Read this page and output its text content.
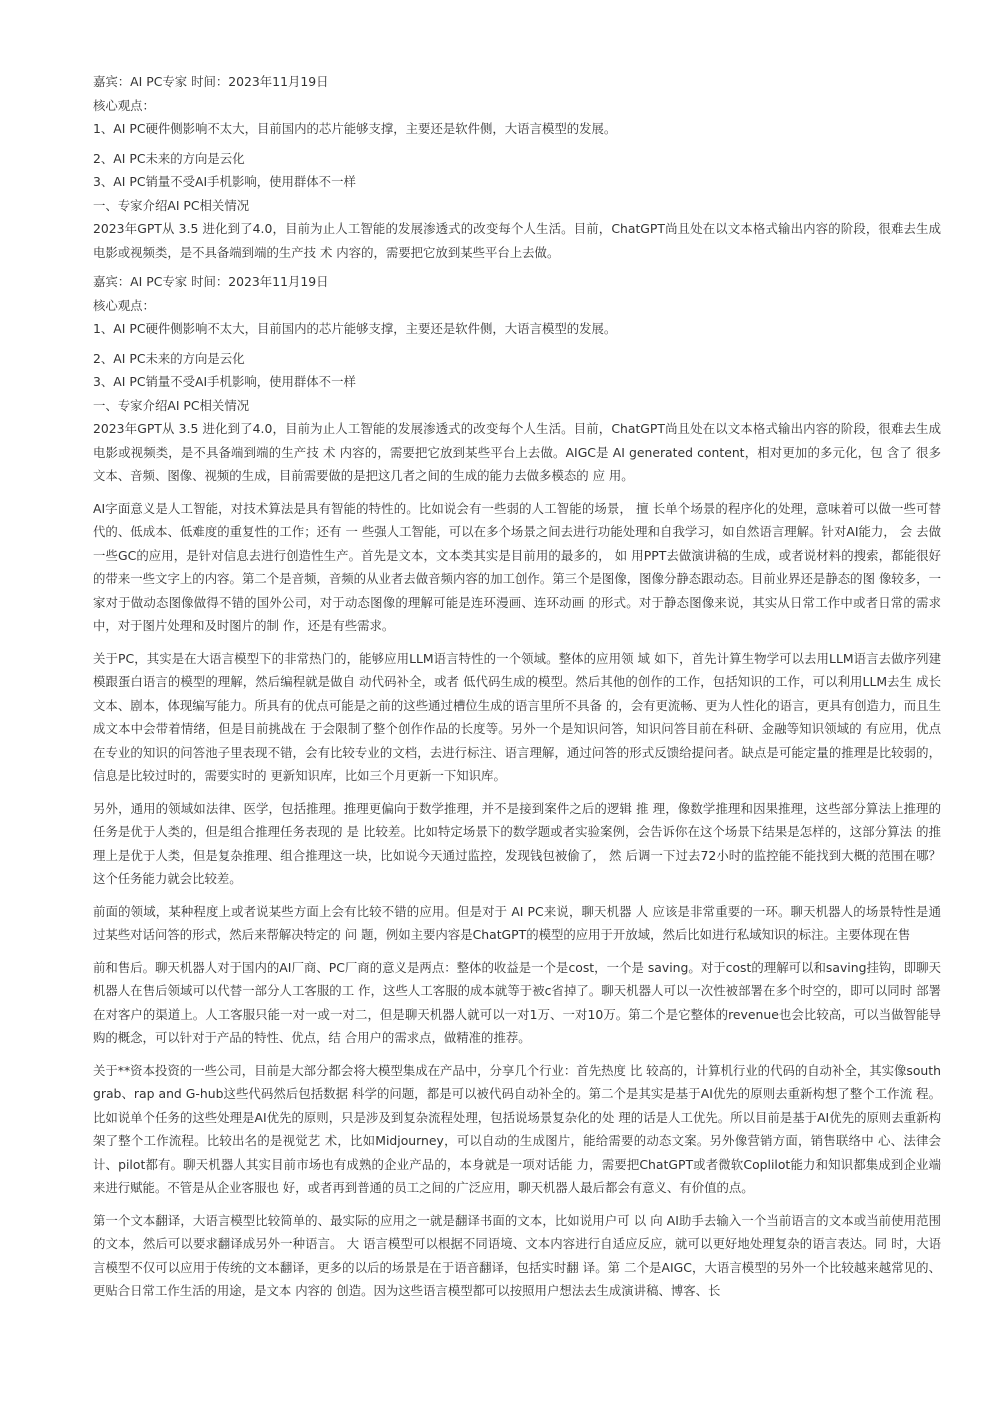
嘉宾：AI PC专家 时间：2023年11月19日

核心观点：

1、AI PC硬件侧影响不太大，目前国内的芯片能够支撑，主要还是软件侧，大语言模型的发展。

2、AI PC未来的方向是云化

3、AI PC销量不受AI手机影响，使用群体不一样

一、专家介绍AI PC相关情况

2023年GPT从 3.5 进化到了4.0，目前为止人工智能的发展渗透式的改变每个人生活。目前，ChatGPT尚且处在以文本格式输出内容的阶段，很难去生成电影或视频类，是不具备端到端的生产技 术 内容的，需要把它放到某些平台上去做。

嘉宾：AI PC专家 时间：2023年11月19日

核心观点：

1、AI PC硬件侧影响不太大，目前国内的芯片能够支撑，主要还是软件侧，大语言模型的发展。

2、AI PC未来的方向是云化

3、AI PC销量不受AI手机影响，使用群体不一样

一、专家介绍AI PC相关情况

2023年GPT从 3.5 进化到了4.0，目前为止人工智能的发展渗透式的改变每个人生活。目前，ChatGPT尚且处在以文本格式输出内容的阶段，很难去生成电影或视频类，是不具备端到端的生产技 术 内容的，需要把它放到某些平台上去做。AIGC是 AI generated content，相对更加的多元化，包 含了 很多文本、音频、图像、视频的生成，目前需要做的是把这几者之间的生成的能力去做多模态的 应 用。

AI字面意义是人工智能，对技术算法是具有智能的特性的。比如说会有一些弱的人工智能的场景， 擅 长单个场景的程序化的处理，意味着可以做一些可替代的、低成本、低难度的重复性的工作；还有 一 些强人工智能，可以在多个场景之间去进行功能处理和自我学习，如自然语言理解。针对AI能力， 会 去做一些GC的应用，是针对信息去进行创造性生产。首先是文本，文本类其实是目前用的最多的， 如 用PPT去做演讲稿的生成，或者说材料的搜索，都能很好的带来一些文字上的内容。第二个是音频，音频的从业者去做音频内容的加工创作。第三个是图像，图像分静态跟动态。目前业界还是静态的图 像较多，一家对于做动态图像做得不错的国外公司，对于动态图像的理解可能是连环漫画、连环动画 的形式。对于静态图像来说，其实从日常工作中或者日常的需求中，对于图片处理和及时图片的制 作，还是有些需求。

关于PC，其实是在大语言模型下的非常热门的，能够应用LLM语言特性的一个领域。整体的应用领 域 如下，首先计算生物学可以去用LLM语言去做序列建模跟蛋白语言的模型的理解，然后编程就是做自 动代码补全，或者 低代码生成的模型。然后其他的创作的工作，包括知识的工作，可以利用LLM去生 成长文本、剧本，体现编写能力。所具有的优点可能是之前的这些通过槽位生成的语言里所不具备 的，会有更流畅、更为人性化的语言，更具有创造力，而且生成文本中会带着情绪，但是目前挑战在 于会限制了整个创作作品的长度等。另外一个是知识问答，知识问答目前在科研、金融等知识领域的 有应用，优点在专业的知识的问答池子里表现不错，会有比较专业的文档，去进行标注、语言理解，通过问答的形式反馈给提问者。缺点是可能定量的推理是比较弱的，信息是比较过时的，需要实时的 更新知识库，比如三个月更新一下知识库。

另外，通用的领域如法律、医学，包括推理。推理更偏向于数学推理，并不是接到案件之后的逻辑 推 理，像数学推理和因果推理，这些部分算法上推理的任务是优于人类的，但是组合推理任务表现的 是 比较差。比如特定场景下的数学题或者实验案例，会告诉你在这个场景下结果是怎样的，这部分算法 的推理上是优于人类，但是复杂推理、组合推理这一块，比如说今天通过监控，发现钱包被偷了， 然 后调一下过去72小时的监控能不能找到大概的范围在哪？这个任务能力就会比较差。

前面的领域，某种程度上或者说某些方面上会有比较不错的应用。但是对于 AI PC来说，聊天机器 人 应该是非常重要的一环。聊天机器人的场景特性是通过某些对话问答的形式，然后来帮解决特定的 问 题，例如主要内容是ChatGPT的模型的应用于开放域，然后比如进行私域知识的标注。主要体现在售

前和售后。聊天机器人对于国内的AI厂商、PC厂商的意义是两点：整体的收益是一个是cost，一个是 saving。对于cost的理解可以和saving挂钩，即聊天机器人在售后领域可以代替一部分人工客服的工 作，这些人工客服的成本就等于被c省掉了。聊天机器人可以一次性被部署在多个时空的，即可以同时 部署在对客户的渠道上。人工客服只能一对一或一对二，但是聊天机器人就可以一对1万、一对10万。第二个是它整体的revenue也会比较高，可以当做智能导购的概念，可以针对于产品的特性、优点，结 合用户的需求点，做精准的推荐。

关于**资本投资的一些公司，目前是大部分都会将大模型集成在产品中，分享几个行业：首先热度 比 较高的，计算机行业的代码的自动补全，其实像south grab、rap and G-hub这些代码然后包括数据 科学的问题，都是可以被代码自动补全的。第二个是其实是基于AI优先的原则去重新构想了整个工作流 程。比如说单个任务的这些处理是AI优先的原则，只是涉及到复杂流程处理，包括说场景复杂化的处 理的话是人工优先。所以目前是基于AI优先的原则去重新构架了整个工作流程。比较出名的是视觉艺 术，比如Midjourney，可以自动的生成图片，能给需要的动态文案。另外像营销方面，销售联络中 心、法律会计、pilot都有。聊天机器人其实目前市场也有成熟的企业产品的，本身就是一项对话能 力，需要把ChatGPT或者微软Coplilot能力和知识都集成到企业端来进行赋能。不管是从企业客服也 好，或者再到普通的员工之间的广泛应用，聊天机器人最后都会有意义、有价值的点。

第一个文本翻译，大语言模型比较简单的、最实际的应用之一就是翻译书面的文本，比如说用户可 以 向 AI助手去输入一个当前语言的文本或当前使用范围的文本，然后可以要求翻译成另外一种语言。 大 语言模型可以根据不同语境、文本内容进行自适应反应，就可以更好地处理复杂的语言表达。同 时，大语言模型不仅可以应用于传统的文本翻译，更多的以后的场景是在于语音翻译，包括实时翻 译。第 二个是AIGC，大语言模型的另外一个比较越来越常见的、更贴合日常工作生活的用途，是文本 内容的 创造。因为这些语言模型都可以按照用户想法去生成演讲稿、博客、长
